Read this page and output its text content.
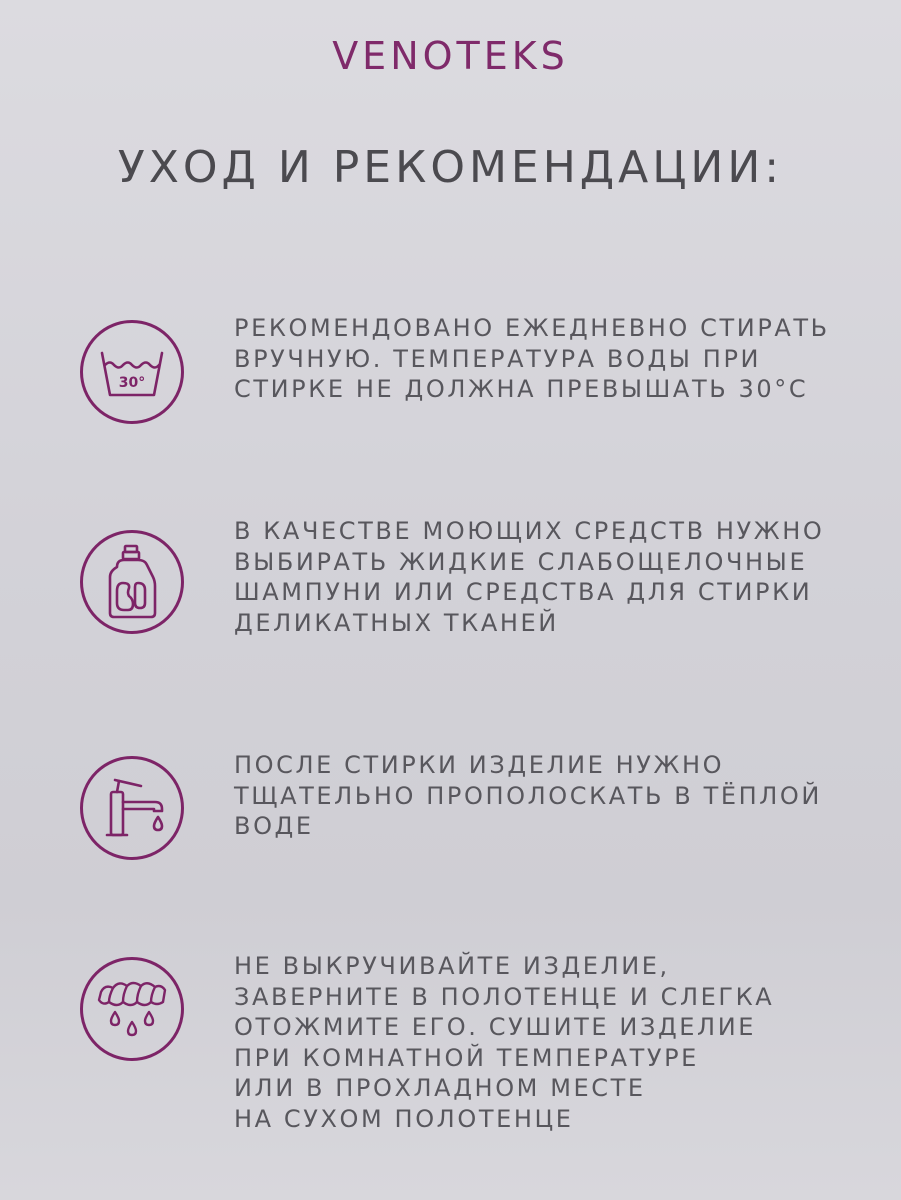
VENOTEKS
УХОД И РЕКОМЕНДАЦИИ:
30°
РЕКОМЕНДОВАНО ЕЖЕДНЕВНО СТИРАТЬ
ВРУЧНУЮ. ТЕМПЕРАТУРА ВОДЫ ПРИ
СТИРКЕ НЕ ДОЛЖНА ПРЕВЫШАТЬ 30°С
В КАЧЕСТВЕ МОЮЩИХ СРЕДСТВ НУЖНО
ВЫБИРАТЬ ЖИДКИЕ СЛАБОЩЕЛОЧНЫЕ
ШАМПУНИ ИЛИ СРЕДСТВА ДЛЯ СТИРКИ
ДЕЛИКАТНЫХ ТКАНЕЙ
ПОСЛЕ СТИРКИ ИЗДЕЛИЕ НУЖНО
ТЩАТЕЛЬНО ПРОПОЛОСКАТЬ В ТЁПЛОЙ
ВОДЕ
НЕ ВЫКРУЧИВАЙТЕ ИЗДЕЛИЕ,
ЗАВЕРНИТЕ В ПОЛОТЕНЦЕ И СЛЕГКА
ОТОЖМИТЕ ЕГО. СУШИТЕ ИЗДЕЛИЕ
ПРИ КОМНАТНОЙ ТЕМПЕРАТУРЕ
ИЛИ В ПРОХЛАДНОМ МЕСТЕ
НА СУХОМ ПОЛОТЕНЦЕ
